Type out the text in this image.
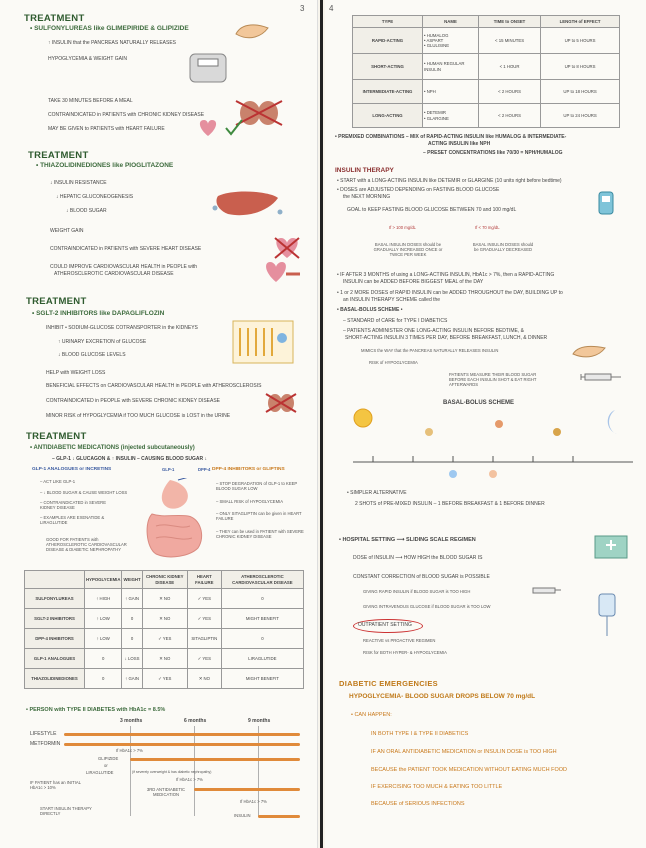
3
TREATMENT
• SULFONYLUREAS like GLIMEPIRIDE & GLIPIZIDE
↑ INSULIN that the PANCREAS NATURALLY RELEASES
HYPOGLYCEMIA & WEIGHT GAIN
TAKE 30 MINUTES BEFORE A MEAL
CONTRAINDICATED in PATIENTS with CHRONIC KIDNEY DISEASE
MAY BE GIVEN to PATIENTS with HEART FAILURE
TREATMENT
• THIAZOLIDINEDIONES like PIOGLITAZONE
↓ INSULIN RESISTANCE
↓ HEPATIC GLUCONEOGENESIS
↓ BLOOD SUGAR
WEIGHT GAIN
CONTRAINDICATED in PATIENTS with SEVERE HEART DISEASE
COULD IMPROVE CARDIOVASCULAR HEALTH in PEOPLE with
ATHEROSCLEROTIC CARDIOVASCULAR DISEASE
TREATMENT
• SGLT-2 INHIBITORS like DAPAGLIFLOZIN
INHIBIT • SODIUM-GLUCOSE COTRANSPORTER in the KIDNEYS
↑ URINARY EXCRETION of GLUCOSE
↓ BLOOD GLUCOSE LEVELS
HELP with WEIGHT LOSS
BENEFICIAL EFFECTS on CARDIOVASCULAR HEALTH in PEOPLE with ATHEROSCLEROSIS
CONTRAINDICATED in PEOPLE with SEVERE CHRONIC KIDNEY DISEASE
MINOR RISK of HYPOGLYCEMIA if TOO MUCH GLUCOSE is LOST in the URINE
TREATMENT
• ANTIDIABETIC MEDICATIONS (injected subcutaneously)
– GLP-1 ↓ GLUCAGON & ↑ INSULIN – CAUSING BLOOD SUGAR ↓
GLP-1 ANALOGUES or INCRETINS
– ACT LIKE GLP-1
– ↓ BLOOD SUGAR & CAUSE WEIGHT LOSS
– CONTRAINDICATED in SEVERE KIDNEY DISEASE
– EXAMPLES ARE EXENATIDE & LIRAGLUTIDE
GOOD FOR PATIENTS with ATHEROSCLEROTIC CARDIOVASCULAR DISEASE & DIABETIC NEPHROPATHY
GLP-1	DPP-4 DPP-4 INHIBITORS or GLIPTINS
– STOP DEGRADATION of GLP-1 to KEEP BLOOD SUGAR LOW
– SMALL RISK of HYPOGLYCEMIA
– ONLY SITAGLIPTIN can be given in HEART FAILURE
– THEY can be used in PATIENT with SEVERE CHRONIC KIDNEY DISEASE
	HYPOGLYCEMIA	WEIGHT	CHRONIC KIDNEY DISEASE	HEART FAILURE	ATHEROSCLEROTIC CARDIOVASCULAR DISEASE
SULFONYLUREAS	↑ HIGH	↑ GAIN	✕ NO	✓ YES	0
SGLT-2 INHIBITORS	↑ LOW	0	✕ NO	✓ YES	MIGHT BENEFIT
DPP-4 INHIBITORS	↑ LOW	0	✓ YES	SITAGLIPTIN	0
GLP-1 ANALOGUES	0	↓ LOSS	✕ NO	✓ YES	LIRAGLUTIDE
THIAZOLIDINEDIONES	0	↑ GAIN	✓ YES	✕ NO	MIGHT BENEFIT
• PERSON with TYPE II DIABETES with HbA1c = 8.5%
3 months	6 months	9 months
LIFESTYLE
METFORMIN
If HbA1c > 7%
GLIPIZIDE
or
LIRAGLUTIDE	(if severely overweight & has diabetic nephropathy)
If HbA1c > 7%
3RD ANTIDIABETIC MEDICATION
IF PATIENT has an INITIAL HbA1c > 10%
START INSULIN THERAPY DIRECTLY
If HbA1c > 7%
INSULIN
4
TYPE	NAME	TIME to ONSET	LENGTH of EFFECT
RAPID-ACTING	• HUMALOG
• ASPART
• GLULISINE	< 15 MINUTES	UP to 5 HOURS
SHORT-ACTING	• HUMAN REGULAR INSULIN	< 1 HOUR	UP to 8 HOURS
INTERMEDIATE-ACTING	• NPH	< 2 HOURS	UP to 18 HOURS
LONG-ACTING	• DETEMIR
• GLARGINE	< 2 HOURS	UP to 24 HOURS
• PREMIXED COMBINATIONS – MIX of RAPID-ACTING INSULIN like HUMALOG & INTERMEDIATE-
ACTING INSULIN like NPH
– PRESET CONCENTRATIONS like 70/30 = NPH/HUMALOG
INSULIN THERAPY
• START with a LONG-ACTING INSULIN like DETEMIR or GLARGINE (10 units right before bedtime)
• DOSES are ADJUSTED DEPENDING on FASTING BLOOD GLUCOSE
the NEXT MORNING
GOAL to KEEP FASTING BLOOD GLUCOSE BETWEEN 70 and 100 mg/dL
If > 100 mg/dL
BASAL INSULIN DOSES should be GRADUALLY INCREASED ONCE or TWICE PER WEEK
If < 70 mg/dL
BASAL INSULIN DOSES should be GRADUALLY DECREASED
• IF AFTER 3 MONTHS of using a LONG-ACTING INSULIN, HbA1c > 7%, then a RAPID-ACTING
INSULIN can be ADDED BEFORE BIGGEST MEAL of the DAY
• 1 or 2 MORE DOSES of RAPID INSULIN can be ADDED THROUGHOUT the DAY, BUILDING UP to
an INSULIN THERAPY SCHEME called the
• BASAL-BOLUS SCHEME •
– STANDARD of CARE for TYPE I DIABETICS
– PATIENTS ADMINISTER ONE LONG-ACTING INSULIN BEFORE BEDTIME, &
SHORT-ACTING INSULIN 3 TIMES PER DAY, BEFORE BREAKFAST, LUNCH, & DINNER
MIMICS the WAY that the PANCREAS NATURALLY RELEASES INSULIN
RISK of HYPOGLYCEMIA
PATIENTS MEASURE THEIR BLOOD SUGAR BEFORE EACH INSULIN SHOT & EAT RIGHT AFTERWARDS
BASAL-BOLUS SCHEME
• SIMPLER ALTERNATIVE
2 SHOTS of PRE-MIXED INSULIN – 1 BEFORE BREAKFAST & 1 BEFORE DINNER
• HOSPITAL SETTING ⟶ SLIDING SCALE REGIMEN
DOSE of INSULIN ⟶ HOW HIGH the BLOOD SUGAR IS
CONSTANT CORRECTION of BLOOD SUGAR is POSSIBLE
GIVING RAPID INSULIN if BLOOD SUGAR is TOO HIGH
GIVING INTRAVENOUS GLUCOSE if BLOOD SUGAR is TOO LOW
OUTPATIENT SETTING
REACTIVE vs PROACTIVE REGIMEN
RISK for BOTH HYPER- & HYPOGLYCEMIA
DIABETIC EMERGENCIES
HYPOGLYCEMIA- BLOOD SUGAR DROPS BELOW 70 mg/dL
• CAN HAPPEN:
IN BOTH TYPE I & TYPE II DIABETICS
IF AN ORAL ANTIDIABETIC MEDICATION or INSULIN DOSE is TOO HIGH
BECAUSE the PATIENT TOOK MEDICATION WITHOUT EATING MUCH FOOD
IF EXERCISING TOO MUCH & EATING TOO LITTLE
BECAUSE of SERIOUS INFECTIONS
